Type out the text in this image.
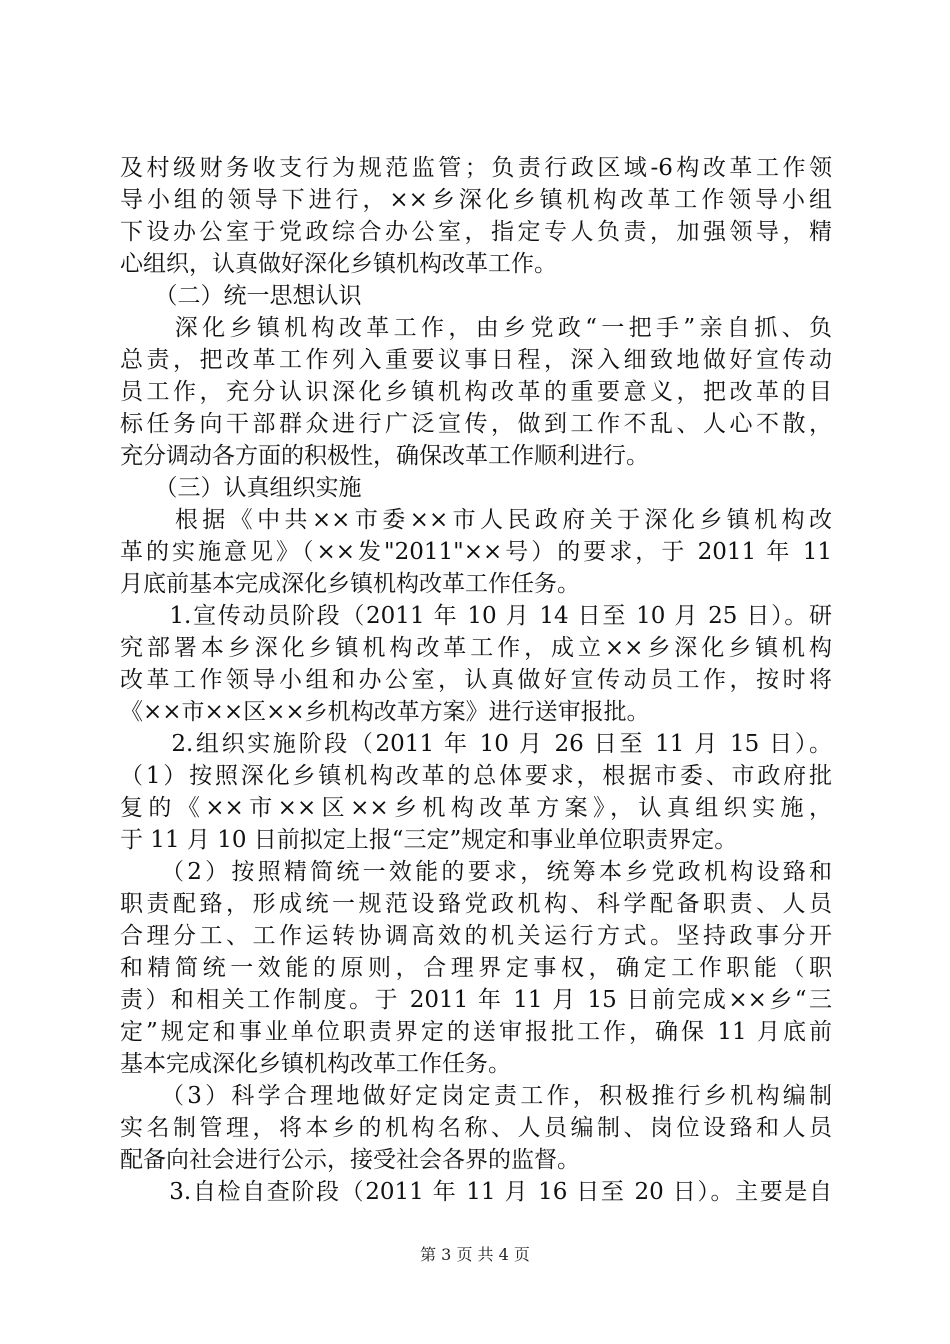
及村级财务收支行为规范监管；负责行政区域-6构改革工作领
导小组的领导下进行，××乡深化乡镇机构改革工作领导小组
下设办公室于党政综合办公室，指定专人负责，加强领导，精
心组织，认真做好深化乡镇机构改革工作。
　　（二）统一思想认识
　　深化乡镇机构改革工作，由乡党政“一把手”亲自抓、负
总责，把改革工作列入重要议事日程，深入细致地做好宣传动
员工作，充分认识深化乡镇机构改革的重要意义，把改革的目
标任务向干部群众进行广泛宣传，做到工作不乱、人心不散，
充分调动各方面的积极性，确保改革工作顺利进行。
　　（三）认真组织实施
　　根据《中共××市委××市人民政府关于深化乡镇机构改
革的实施意见》（××发"2011"××号）的要求，于 2011 年 11
月底前基本完成深化乡镇机构改革工作任务。
　　1.宣传动员阶段（2011 年 10 月 14 日至 10 月 25 日）。研
究部署本乡深化乡镇机构改革工作，成立××乡深化乡镇机构
改革工作领导小组和办公室，认真做好宣传动员工作，按时将
《××市××区××乡机构改革方案》进行送审报批。
　　2.组织实施阶段（2011 年 10 月 26 日至 11 月 15 日）。
（1）按照深化乡镇机构改革的总体要求，根据市委、市政府批
复的《××市××区××乡机构改革方案》，认真组织实施，
于 11 月 10 日前拟定上报“三定”规定和事业单位职责界定。
　　（2）按照精简统一效能的要求，统筹本乡党政机构设臵和
职责配臵，形成统一规范设臵党政机构、科学配备职责、人员
合理分工、工作运转协调高效的机关运行方式。坚持政事分开
和精简统一效能的原则，合理界定事权，确定工作职能（职
责）和相关工作制度。于 2011 年 11 月 15 日前完成××乡“三
定”规定和事业单位职责界定的送审报批工作，确保 11 月底前
基本完成深化乡镇机构改革工作任务。
　　（3）科学合理地做好定岗定责工作，积极推行乡机构编制
实名制管理，将本乡的机构名称、人员编制、岗位设臵和人员
配备向社会进行公示，接受社会各界的监督。
　　3.自检自查阶段（2011 年 11 月 16 日至 20 日）。主要是自
第 3 页 共 4 页
